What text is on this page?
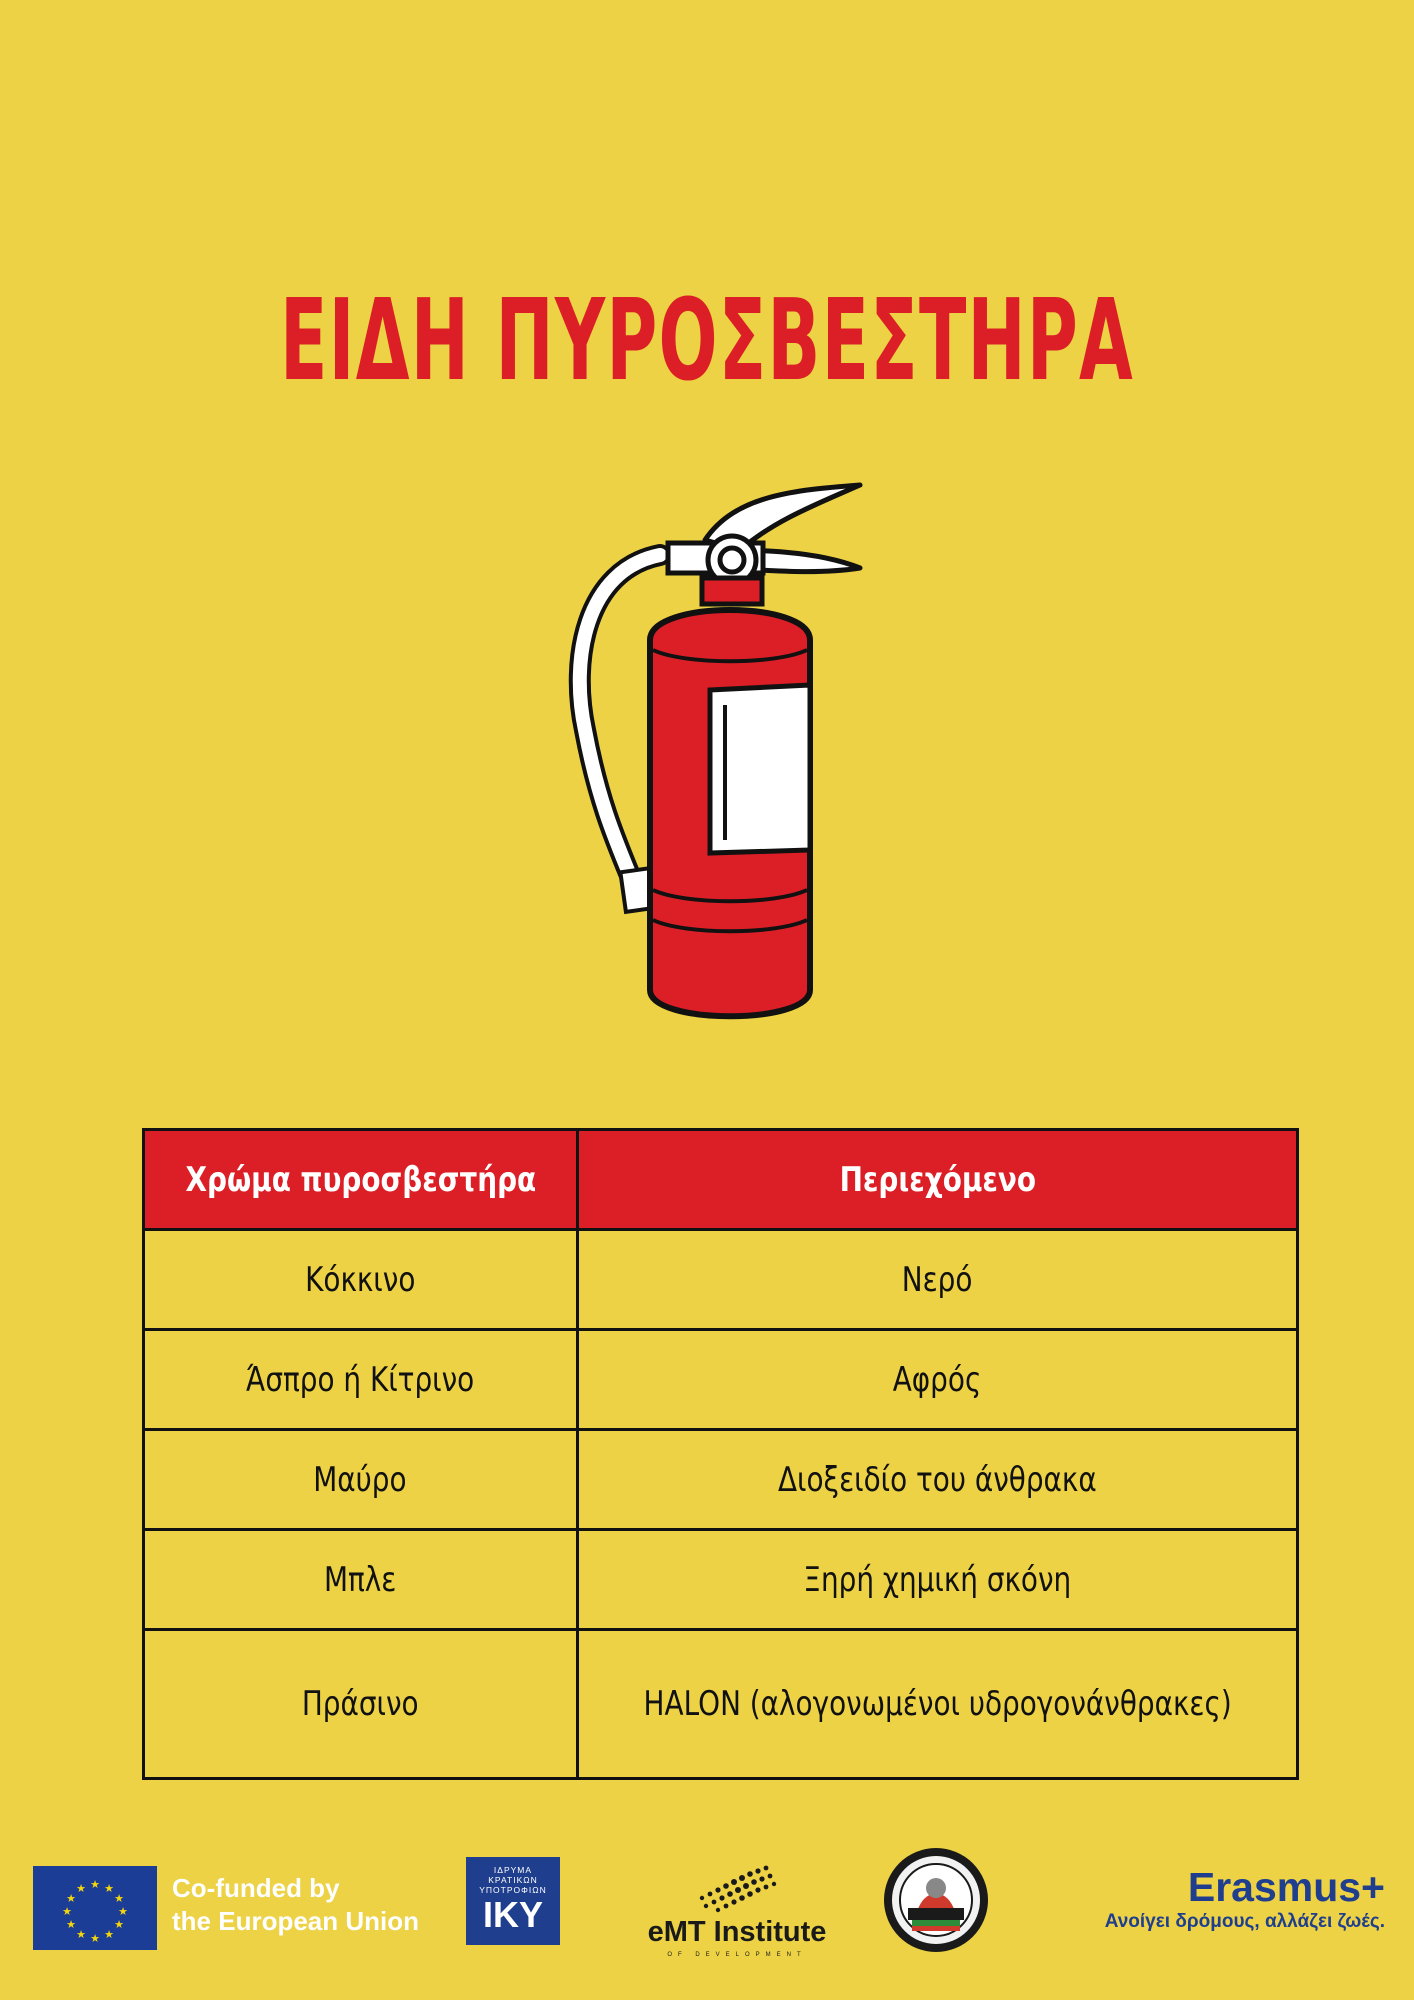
ΕΙΔΗ ΠΥΡΟΣΒΕΣΤΗΡΑ
Χρώμα πυροσβεστήρα	Περιεχόμενο
Κόκκινο	Νερό
Άσπρο ή Κίτρινο	Αφρός
Μαύρο	Διοξειδίο του άνθρακα
Μπλε	Ξηρή χημική σκόνη
Πράσινο	HALON (αλογονωμένοι υδρογονάνθρακες)
★ ★
★
★
★
★
★
★
★
★
★
★	Co-funded by
the European Union
ΙΔΡΥΜΑ
ΚΡΑΤΙΚΩΝ
ΥΠΟΤΡΟΦΙΩΝ
IKY	eMT Institute
OF DEVELOPMENT
Erasmus+
Ανοίγει δρόμους, αλλάζει ζωές.
